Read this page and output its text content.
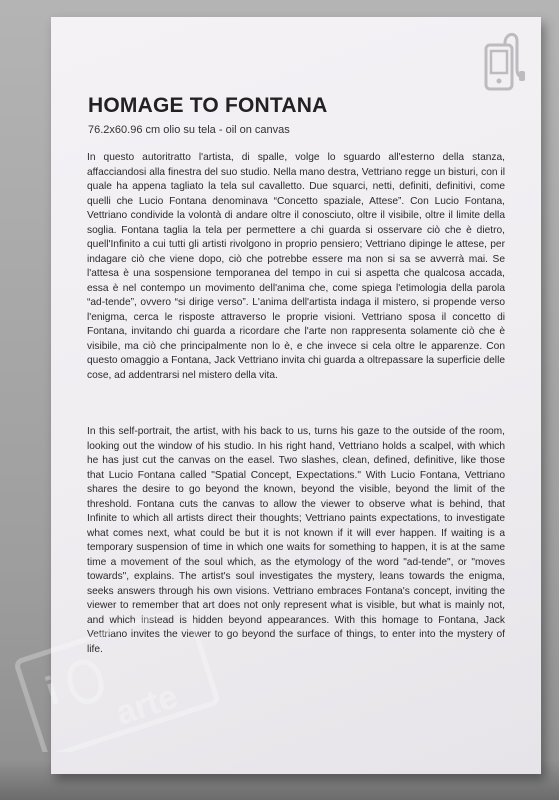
HOMAGE TO FONTANA

76.2x60.96 cm olio su tela - oil on canvas

In questo autoritratto l'artista, di spalle, volge lo sguardo all'esterno della stanza, affacciandosi alla finestra del suo studio. Nella mano destra, Vettriano regge un bisturi, con il quale ha appena tagliato la tela sul cavalletto. Due squarci, netti, definiti, definitivi, come quelli che Lucio Fontana denominava “Concetto spaziale, Attese”. Con Lucio Fontana, Vettriano condivide la volontà di andare oltre il conosciuto, oltre il visibile, oltre il limite della soglia. Fontana taglia la tela per permettere a chi guarda si osservare ciò che è dietro, quell'Infinito a cui tutti gli artisti rivolgono in proprio pensiero; Vettriano dipinge le attese, per indagare ciò che viene dopo, ciò che potrebbe essere ma non si sa se avverrà mai. Se l'attesa è una sospensione temporanea del tempo in cui si aspetta che qualcosa accada, essa è nel contempo un movimento dell'anima che, come spiega l'etimologia della parola “ad-tende”, ovvero “si dirige verso”. L'anima dell'artista indaga il mistero, si propende verso l'enigma, cerca le risposte attraverso le proprie visioni. Vettriano sposa il concetto di Fontana, invitando chi guarda a ricordare che l'arte non rappresenta solamente ciò che è visibile, ma ciò che principalmente non lo è, e che invece si cela oltre le apparenze. Con questo omaggio a Fontana, Jack Vettriano invita chi guarda a oltrepassare la superficie delle cose, ad addentrarsi nel mistero della vita.

In this self-portrait, the artist, with his back to us, turns his gaze to the outside of the room, looking out the window of his studio. In his right hand, Vettriano holds a scalpel, with which he has just cut the canvas on the easel. Two slashes, clean, defined, definitive, like those that Lucio Fontana called "Spatial Concept, Expectations." With Lucio Fontana, Vettriano shares the desire to go beyond the known, beyond the visible, beyond the limit of the threshold. Fontana cuts the canvas to allow the viewer to observe what is behind, that Infinite to which all artists direct their thoughts; Vettriano paints expectations, to investigate what comes next, what could be but it is not known if it will ever happen. If waiting is a temporary suspension of time in which one waits for something to happen, it is at the same time a movement of the soul which, as the etymology of the word "ad-tende", or "moves towards", explains. The artist's soul investigates the mystery, leans towards the enigma, seeks answers through his own visions. Vettriano embraces Fontana's concept, inviting the viewer to remember that art does not only represent what is visible, but what is mainly not, and which instead is hidden beyond appearances. With this homage to Fontana, Jack Vettriano invites the viewer to go beyond the surface of things, to enter into the mystery of life.

i arte
